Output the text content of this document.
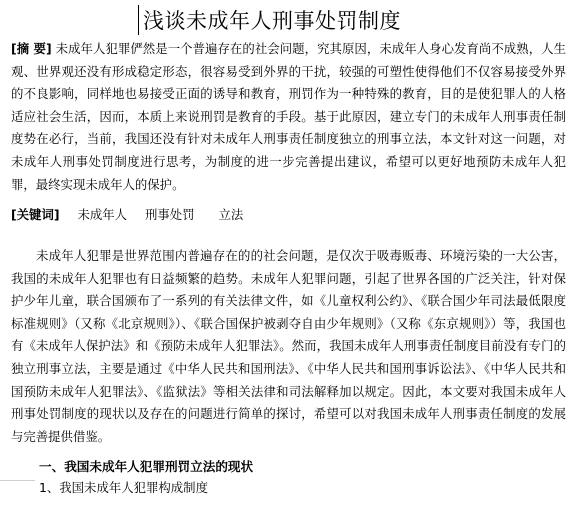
浅谈未成年人刑事处罚制度
[摘 要] 未成年人犯罪俨然是一个普遍存在的社会问题，究其原因，未成年人身心发育尚不成熟，人生观、世界观还没有形成稳定形态，很容易受到外界的干扰，较强的可塑性使得他们不仅容易接受外界的不良影响，同样地也易接受正面的诱导和教育，刑罚作为一种特殊的教育，目的是使犯罪人的人格适应社会生活，因而，本质上来说刑罚是教育的手段。基于此原因，建立专门的未成年人刑事责任制度势在必行，当前，我国还没有针对未成年人刑事责任制度独立的刑事立法，本文针对这一问题，对未成年人刑事处罚制度进行思考，为制度的进一步完善提出建议，希望可以更好地预防未成年人犯罪，最终实现未成年人的保护。
[关键词] 未成年人 刑事处罚 立法
未成年人犯罪是世界范围内普遍存在的的社会问题，是仅次于吸毒贩毒、环境污染的一大公害，我国的未成年人犯罪也有日益频繁的趋势。未成年人犯罪问题，引起了世界各国的广泛关注，针对保护少年儿童，联合国颁布了一系列的有关法律文件，如《儿童权利公约》、《联合国少年司法最低限度标准规则》（又称《北京规则》）、《联合国保护被剥夺自由少年规则》（又称《东京规则》）等，我国也有《未成年人保护法》和《预防未成年人犯罪法》。然而，我国未成年人刑事责任制度目前没有专门的独立刑事立法，主要是通过《中华人民共和国刑法》、《中华人民共和国刑事诉讼法》、《中华人民共和国预防未成年人犯罪法》、《监狱法》等相关法律和司法解释加以规定。因此，本文要对我国未成年人刑事处罚制度的现状以及存在的问题进行简单的探讨，希望可以对我国未成年人刑事责任制度的发展与完善提供借鉴。
一、我国未成年人犯罪刑罚立法的现状
1、我国未成年人犯罪构成制度
